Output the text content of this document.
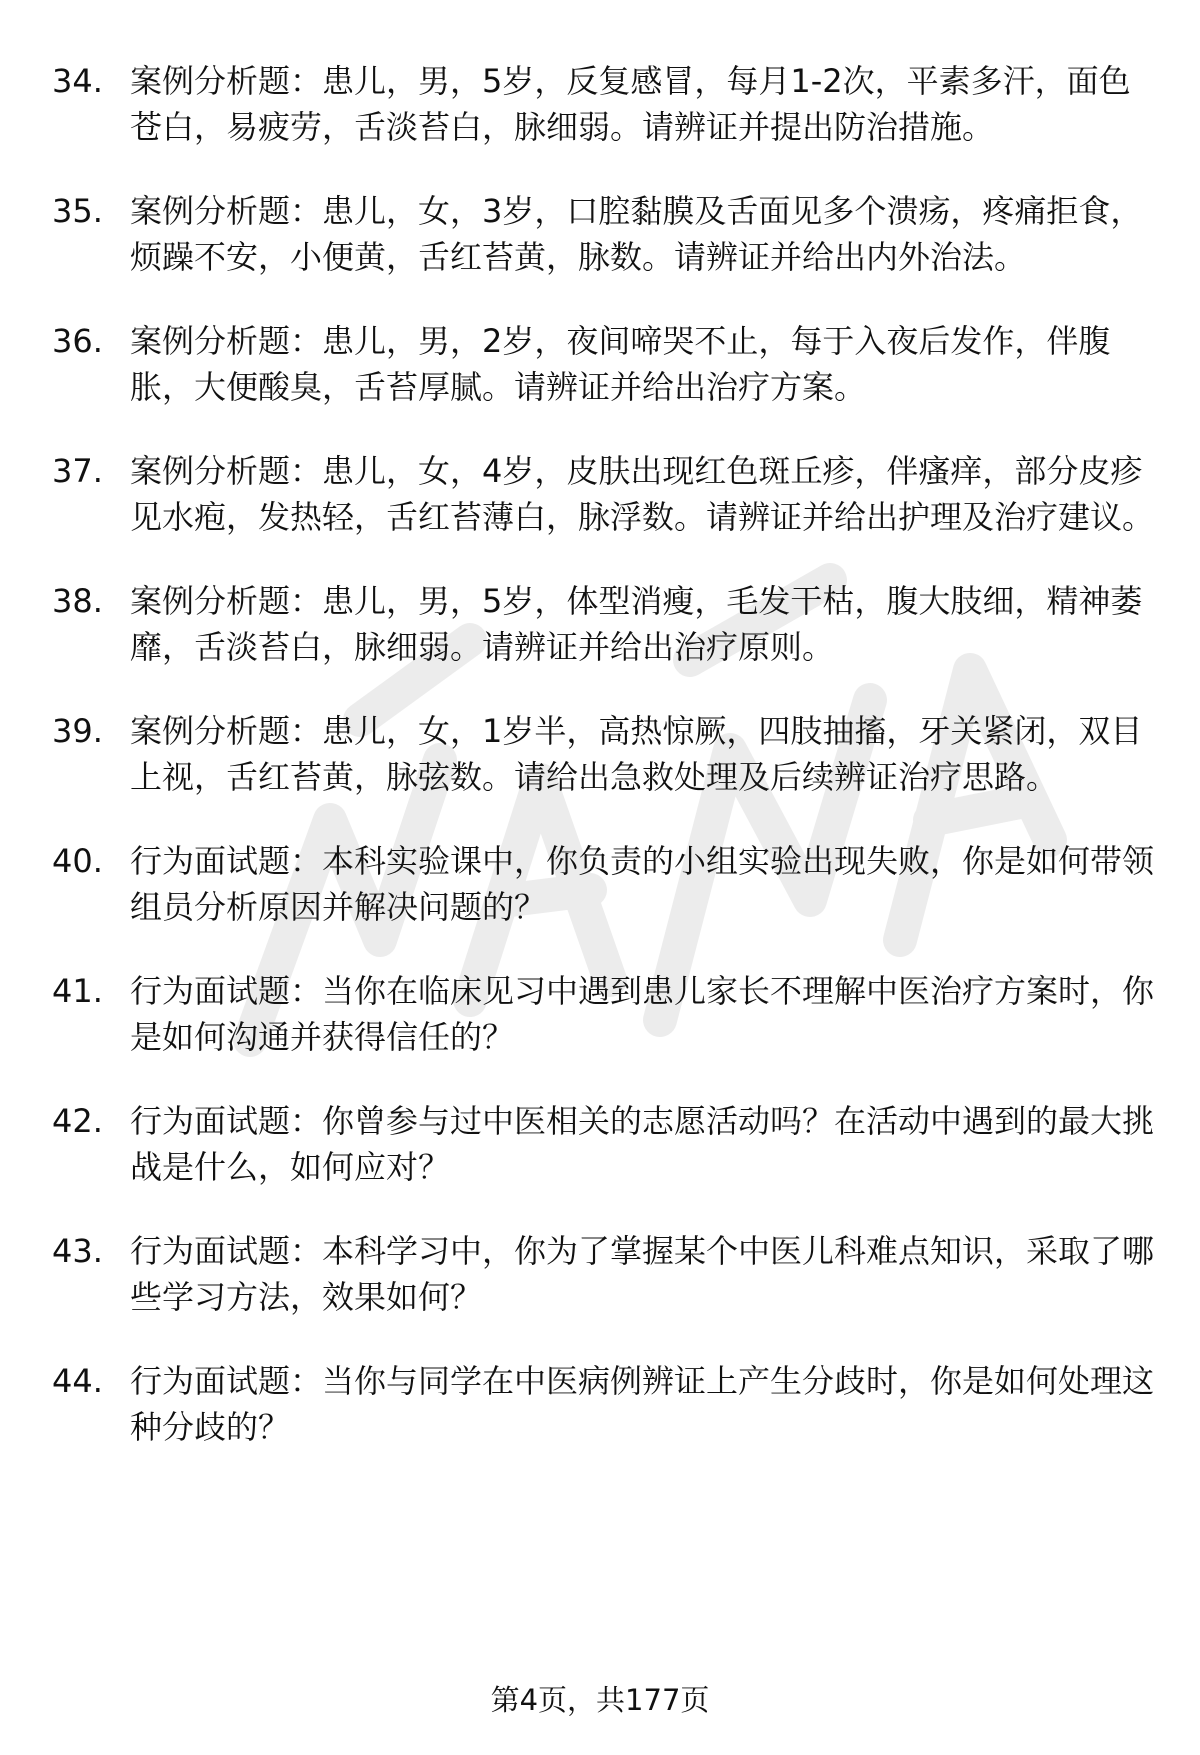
34. 案例分析题：患儿，男，5岁，反复感冒，每月1-2次，平素多汗，面色苍白，易疲劳，舌淡苔白，脉细弱。请辨证并提出防治措施。
35. 案例分析题：患儿，女，3岁，口腔黏膜及舌面见多个溃疡，疼痛拒食，烦躁不安，小便黄，舌红苔黄，脉数。请辨证并给出内外治法。
36. 案例分析题：患儿，男，2岁，夜间啼哭不止，每于入夜后发作，伴腹胀，大便酸臭，舌苔厚腻。请辨证并给出治疗方案。
37. 案例分析题：患儿，女，4岁，皮肤出现红色斑丘疹，伴瘙痒，部分皮疹见水疱，发热轻，舌红苔薄白，脉浮数。请辨证并给出护理及治疗建议。
38. 案例分析题：患儿，男，5岁，体型消瘦，毛发干枯，腹大肢细，精神萎靡，舌淡苔白，脉细弱。请辨证并给出治疗原则。
39. 案例分析题：患儿，女，1岁半，高热惊厥，四肢抽搐，牙关紧闭，双目上视，舌红苔黄，脉弦数。请给出急救处理及后续辨证治疗思路。
40. 行为面试题：本科实验课中，你负责的小组实验出现失败，你是如何带领组员分析原因并解决问题的？
41. 行为面试题：当你在临床见习中遇到患儿家长不理解中医治疗方案时，你是如何沟通并获得信任的？
42. 行为面试题：你曾参与过中医相关的志愿活动吗？在活动中遇到的最大挑战是什么，如何应对？
43. 行为面试题：本科学习中，你为了掌握某个中医儿科难点知识，采取了哪些学习方法，效果如何？
44. 行为面试题：当你与同学在中医病例辨证上产生分歧时，你是如何处理这种分歧的？
第4页，共177页
